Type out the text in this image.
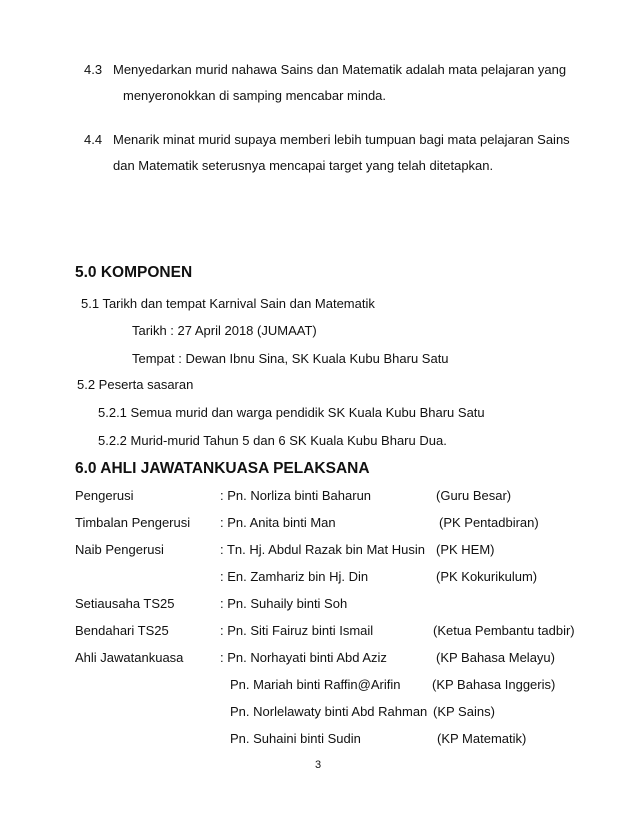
4.3 Menyedarkan murid nahawa Sains dan Matematik adalah mata pelajaran yang
menyeronokkan di samping mencabar minda.
4.4 Menarik minat murid supaya memberi lebih tumpuan bagi mata pelajaran Sains
dan Matematik seterusnya mencapai target yang telah ditetapkan.
5.0 KOMPONEN
5.1 Tarikh dan tempat Karnival Sain dan Matematik
Tarikh : 27 April 2018 (JUMAAT)
Tempat : Dewan Ibnu Sina, SK Kuala Kubu Bharu Satu
5.2 Peserta sasaran
5.2.1 Semua murid dan warga pendidik SK Kuala Kubu Bharu Satu
5.2.2 Murid-murid Tahun 5 dan 6 SK Kuala Kubu Bharu Dua.
6.0 AHLI JAWATANKUASA PELAKSANA
Pengerusi	: Pn. Norliza binti Baharun	(Guru Besar)
Timbalan Pengerusi : Pn. Anita binti Man	(PK Pentadbiran)
Naib Pengerusi	: Tn. Hj. Abdul Razak bin Mat Husin (PK HEM)
: En. Zamhariz bin Hj. Din	(PK Kokurikulum)
Setiausaha TS25	: Pn. Suhaily binti Soh
Bendahari TS25	: Pn. Siti Fairuz binti Ismail	(Ketua Pembantu tadbir)
Ahli Jawatankuasa	: Pn. Norhayati binti Abd Aziz	(KP Bahasa Melayu)
Pn. Mariah binti Raffin@Arifin (KP Bahasa Inggeris)
Pn. Norlelawaty binti Abd Rahman (KP Sains)
Pn. Suhaini binti Sudin	(KP Matematik)
3
